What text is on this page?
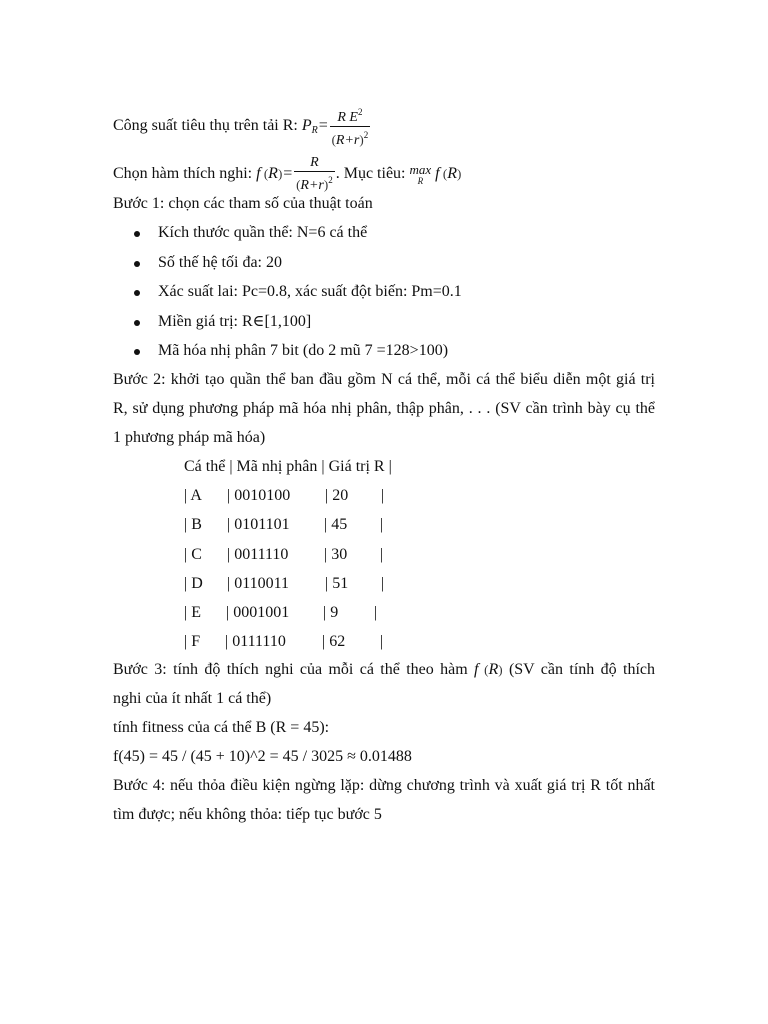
Công suất tiêu thụ trên tải R: $P_R= \frac{R E^2}{(R+r)^2}$
Chọn hàm thích nghi: f $(R)= \frac{R}{(R+r)^2}$ . Mục tiêu: max
R f (R)
Bước 1: chọn các tham số của thuật toán
Kích thước quần thể: N=6 cá thể
Số thế hệ tối đa: 20
Xác suất lai: Pc=0.8, xác suất đột biến: Pm=0.1
Miền giá trị: R∈[1,100]
Mã hóa nhị phân 7 bit (do 2 mũ 7 =128>100)
Bước 2: khởi tạo quần thể ban đầu gồm N cá thể, mỗi cá thể biểu diễn một giá trị
R, sử dụng phương pháp mã hóa nhị phân, thập phân, . . . (SV cần trình bày cụ thể
1 phương pháp mã hóa)
Cá thể | Mã nhị phân | Giá trị R |
| A | 0010100 | 20 |
| B | 0101101 | 45 |
| C | 0011110 | 30 |
| D | 0110011 | 51 |
| E | 0001001 | 9 |
| F | 0111110 | 62 |
Bước 3: tính độ thích nghi của mỗi cá thể theo hàm f (R) (SV cần tính độ thích
nghi của ít nhất 1 cá thể)
tính fitness của cá thể B (R = 45):
f(45) = 45 / (45 + 10)^2 = 45 / 3025 ≈ 0.01488
Bước 4: nếu thỏa điều kiện ngừng lặp: dừng chương trình và xuất giá trị R tốt nhất
tìm được; nếu không thỏa: tiếp tục bước 5
